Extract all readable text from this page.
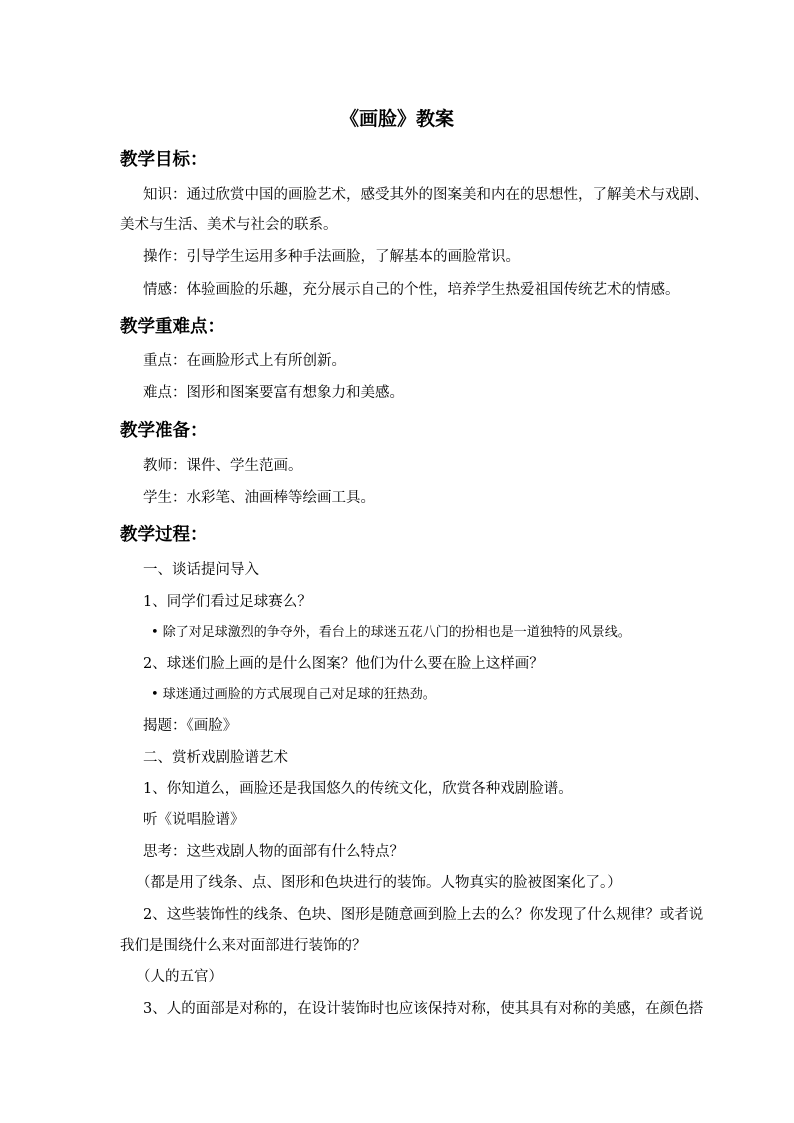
《画脸》教案
教学目标：
知识：通过欣赏中国的画脸艺术，感受其外的图案美和内在的思想性，了解美术与戏剧、
美术与生活、美术与社会的联系。
操作：引导学生运用多种手法画脸，了解基本的画脸常识。
情感：体验画脸的乐趣，充分展示自己的个性，培养学生热爱祖国传统艺术的情感。
教学重难点：
重点：在画脸形式上有所创新。
难点：图形和图案要富有想象力和美感。
教学准备：
教师：课件、学生范画。
学生：水彩笔、油画棒等绘画工具。
教学过程：
一、谈话提问导入
1、同学们看过足球赛么？
• 除了对足球激烈的争夺外，看台上的球迷五花八门的扮相也是一道独特的风景线。
2、球迷们脸上画的是什么图案？他们为什么要在脸上这样画？
• 球迷通过画脸的方式展现自己对足球的狂热劲。
揭题：《画脸》
二、赏析戏剧脸谱艺术
1、你知道么，画脸还是我国悠久的传统文化，欣赏各种戏剧脸谱。
听《说唱脸谱》
思考：这些戏剧人物的面部有什么特点？
（都是用了线条、点、图形和色块进行的装饰。人物真实的脸被图案化了。）
2、这些装饰性的线条、色块、图形是随意画到脸上去的么？你发现了什么规律？或者说
我们是围绕什么来对面部进行装饰的？
（人的五官）
3、人的面部是对称的，在设计装饰时也应该保持对称，使其具有对称的美感，在颜色搭
